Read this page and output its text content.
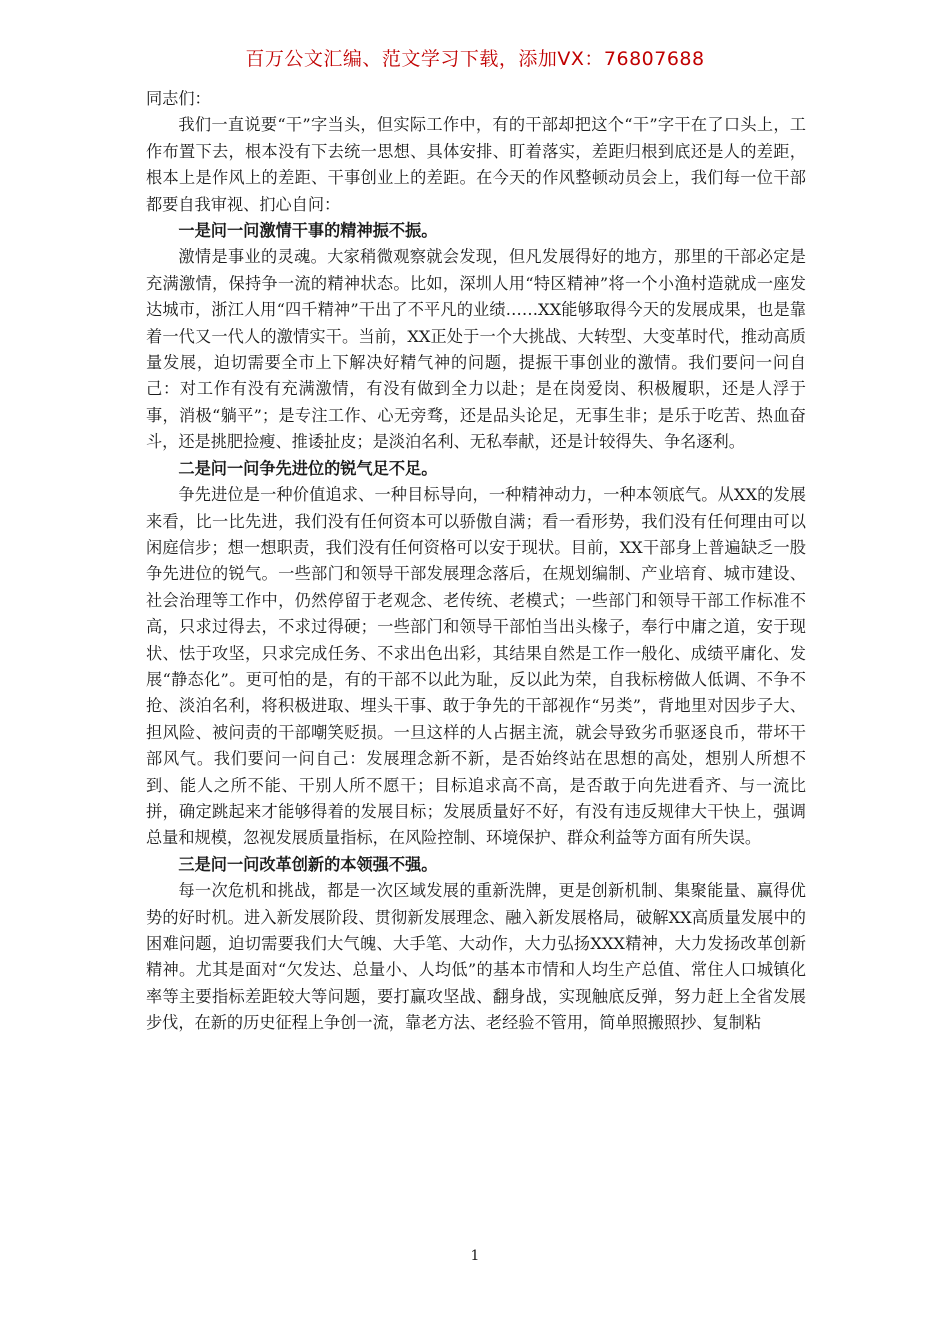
百万公文汇编、范文学习下载，添加VX：76807688

同志们：

我们一直说要“干”字当头，但实际工作中，有的干部却把这个“干”字干在了口头上，工作布置下去，根本没有下去统一思想、具体安排、盯着落实，差距归根到底还是人的差距，根本上是作风上的差距、干事创业上的差距。在今天的作风整顿动员会上，我们每一位干部都要自我审视、扪心自问：

一是问一问激情干事的精神振不振。

激情是事业的灵魂。大家稍微观察就会发现，但凡发展得好的地方，那里的干部必定是充满激情，保持争一流的精神状态。比如，深圳人用“特区精神”将一个小渔村造就成一座发达城市，浙江人用“四千精神”干出了不平凡的业绩……XX能够取得今天的发展成果，也是靠着一代又一代人的激情实干。当前，XX正处于一个大挑战、大转型、大变革时代，推动高质量发展，迫切需要全市上下解决好精气神的问题，提振干事创业的激情。我们要问一问自己：对工作有没有充满激情，有没有做到全力以赴；是在岗爱岗、积极履职，还是人浮于事，消极“躺平”；是专注工作、心无旁骛，还是品头论足，无事生非；是乐于吃苦、热血奋斗，还是挑肥捡瘦、推诿扯皮；是淡泊名利、无私奉献，还是计较得失、争名逐利。

二是问一问争先进位的锐气足不足。

争先进位是一种价值追求、一种目标导向，一种精神动力，一种本领底气。从XX的发展来看，比一比先进，我们没有任何资本可以骄傲自满；看一看形势，我们没有任何理由可以闲庭信步；想一想职责，我们没有任何资格可以安于现状。目前，XX干部身上普遍缺乏一股争先进位的锐气。一些部门和领导干部发展理念落后，在规划编制、产业培育、城市建设、社会治理等工作中，仍然停留于老观念、老传统、老模式；一些部门和领导干部工作标准不高，只求过得去，不求过得硬；一些部门和领导干部怕当出头椽子，奉行中庸之道，安于现状、怯于攻坚，只求完成任务、不求出色出彩，其结果自然是工作一般化、成绩平庸化、发展“静态化”。更可怕的是，有的干部不以此为耻，反以此为荣，自我标榜做人低调、不争不抢、淡泊名利，将积极进取、埋头干事、敢于争先的干部视作“另类”，背地里对因步子大、担风险、被问责的干部嘲笑贬损。一旦这样的人占据主流，就会导致劣币驱逐良币，带坏干部风气。我们要问一问自己：发展理念新不新，是否始终站在思想的高处，想别人所想不到、能人之所不能、干别人所不愿干；目标追求高不高，是否敢于向先进看齐、与一流比拼，确定跳起来才能够得着的发展目标；发展质量好不好，有没有违反规律大干快上，强调总量和规模，忽视发展质量指标，在风险控制、环境保护、群众利益等方面有所失误。

三是问一问改革创新的本领强不强。

每一次危机和挑战，都是一次区域发展的重新洗牌，更是创新机制、集聚能量、赢得优势的好时机。进入新发展阶段、贯彻新发展理念、融入新发展格局，破解XX高质量发展中的困难问题，迫切需要我们大气魄、大手笔、大动作，大力弘扬XXX精神，大力发扬改革创新精神。尤其是面对“欠发达、总量小、人均低”的基本市情和人均生产总值、常住人口城镇化率等主要指标差距较大等问题，要打赢攻坚战、翻身战，实现触底反弹，努力赶上全省发展步伐，在新的历史征程上争创一流，靠老方法、老经验不管用，简单照搬照抄、复制粘

1
